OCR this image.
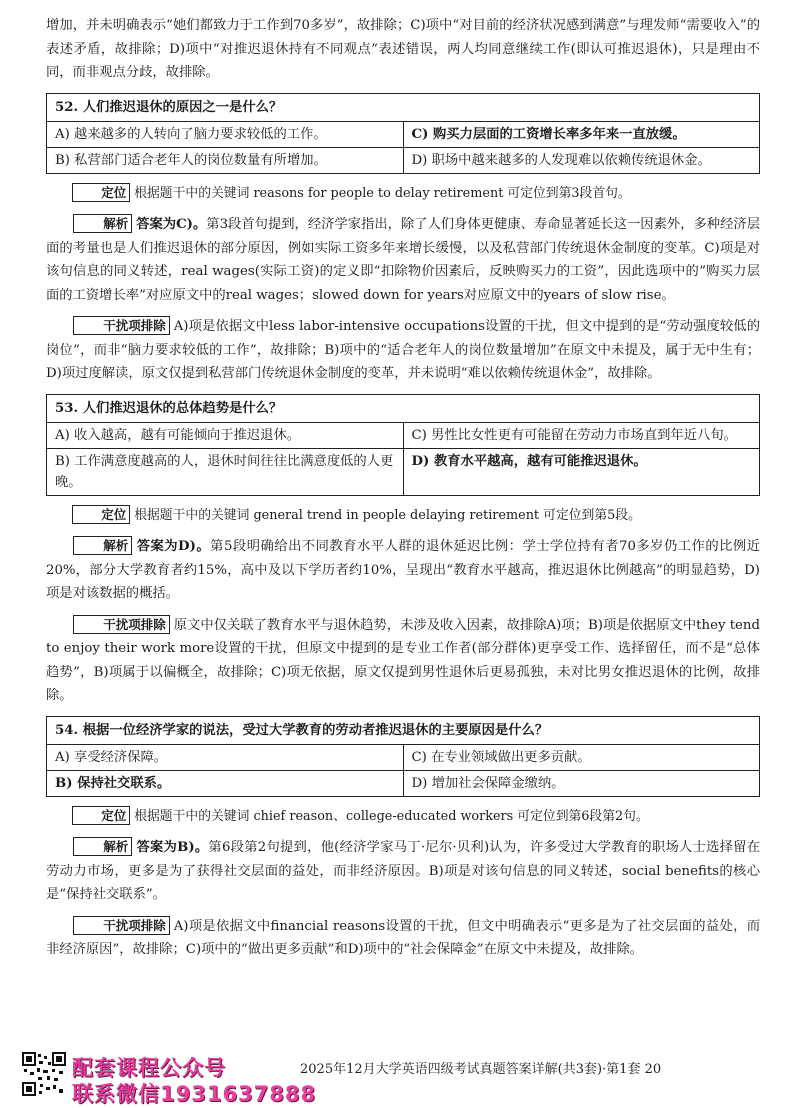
增加，并未明确表示“她们都致力于工作到70多岁”，故排除；C)项中“对目前的经济状况感到满意”与理发师“需要收入”的表述矛盾，故排除；D)项中“对推迟退休持有不同观点”表述错误，两人均同意继续工作(即认可推迟退休)，只是理由不同，而非观点分歧，故排除。

52. 人们推迟退休的原因之一是什么？	
A) 越来越多的人转向了脑力要求较低的工作。	C) 购买力层面的工资增长率多年来一直放缓。
B) 私营部门适合老年人的岗位数量有所增加。	D) 职场中越来越多的人发现难以依赖传统退休金。

定位 根据题干中的关键词 reasons for people to delay retirement 可定位到第3段首句。

解析 答案为C)。第3段首句提到，经济学家指出，除了人们身体更健康、寿命显著延长这一因素外，多种经济层面的考量也是人们推迟退休的部分原因，例如实际工资多年来增长缓慢，以及私营部门传统退休金制度的变革。C)项是对该句信息的同义转述，real wages(实际工资)的定义即“扣除物价因素后，反映购买力的工资”，因此选项中的“购买力层面的工资增长率”对应原文中的real wages；slowed down for years对应原文中的years of slow rise。

干扰项排除 A)项是依据文中less labor-intensive occupations设置的干扰，但文中提到的是“劳动强度较低的岗位”，而非“脑力要求较低的工作”，故排除；B)项中的“适合老年人的岗位数量增加”在原文中未提及，属于无中生有；D)项过度解读，原文仅提到私营部门传统退休金制度的变革，并未说明“难以依赖传统退休金”，故排除。

53. 人们推迟退休的总体趋势是什么？	
A) 收入越高，越有可能倾向于推迟退休。	C) 男性比女性更有可能留在劳动力市场直到年近八旬。
B) 工作满意度越高的人，退休时间往往比满意度低的人更晚。	D) 教育水平越高，越有可能推迟退休。

定位 根据题干中的关键词 general trend in people delaying retirement 可定位到第5段。

解析 答案为D)。第5段明确给出不同教育水平人群的退休延迟比例：学士学位持有者70多岁仍工作的比例近20%，部分大学教育者约15%，高中及以下学历者约10%，呈现出“教育水平越高，推迟退休比例越高”的明显趋势，D)项是对该数据的概括。

干扰项排除 原文中仅关联了教育水平与退休趋势，未涉及收入因素，故排除A)项；B)项是依据原文中they tend to enjoy their work more设置的干扰，但原文中提到的是专业工作者(部分群体)更享受工作、选择留任，而不是“总体趋势”，B)项属于以偏概全，故排除；C)项无依据，原文仅提到男性退休后更易孤独，未对比男女推迟退休的比例，故排除。

54. 根据一位经济学家的说法，受过大学教育的劳动者推迟退休的主要原因是什么？	
A) 享受经济保障。	C) 在专业领域做出更多贡献。
B) 保持社交联系。	D) 增加社会保障金缴纳。

定位 根据题干中的关键词 chief reason、college-educated workers 可定位到第6段第2句。

解析 答案为B)。第6段第2句提到，他(经济学家马丁·尼尔·贝利)认为，许多受过大学教育的职场人士选择留在劳动力市场，更多是为了获得社交层面的益处，而非经济原因。B)项是对该句信息的同义转述，social benefits的核心是“保持社交联系”。

干扰项排除 A)项是依据文中financial reasons设置的干扰，但文中明确表示“更多是为了社交层面的益处，而非经济原因”，故排除；C)项中的“做出更多贡献”和D)项中的“社会保障金”在原文中未提及，故排除。

2025年12月大学英语四级考试真题答案详解(共3套)·第1套 20
配套课程公众号
联系微信1931637888
